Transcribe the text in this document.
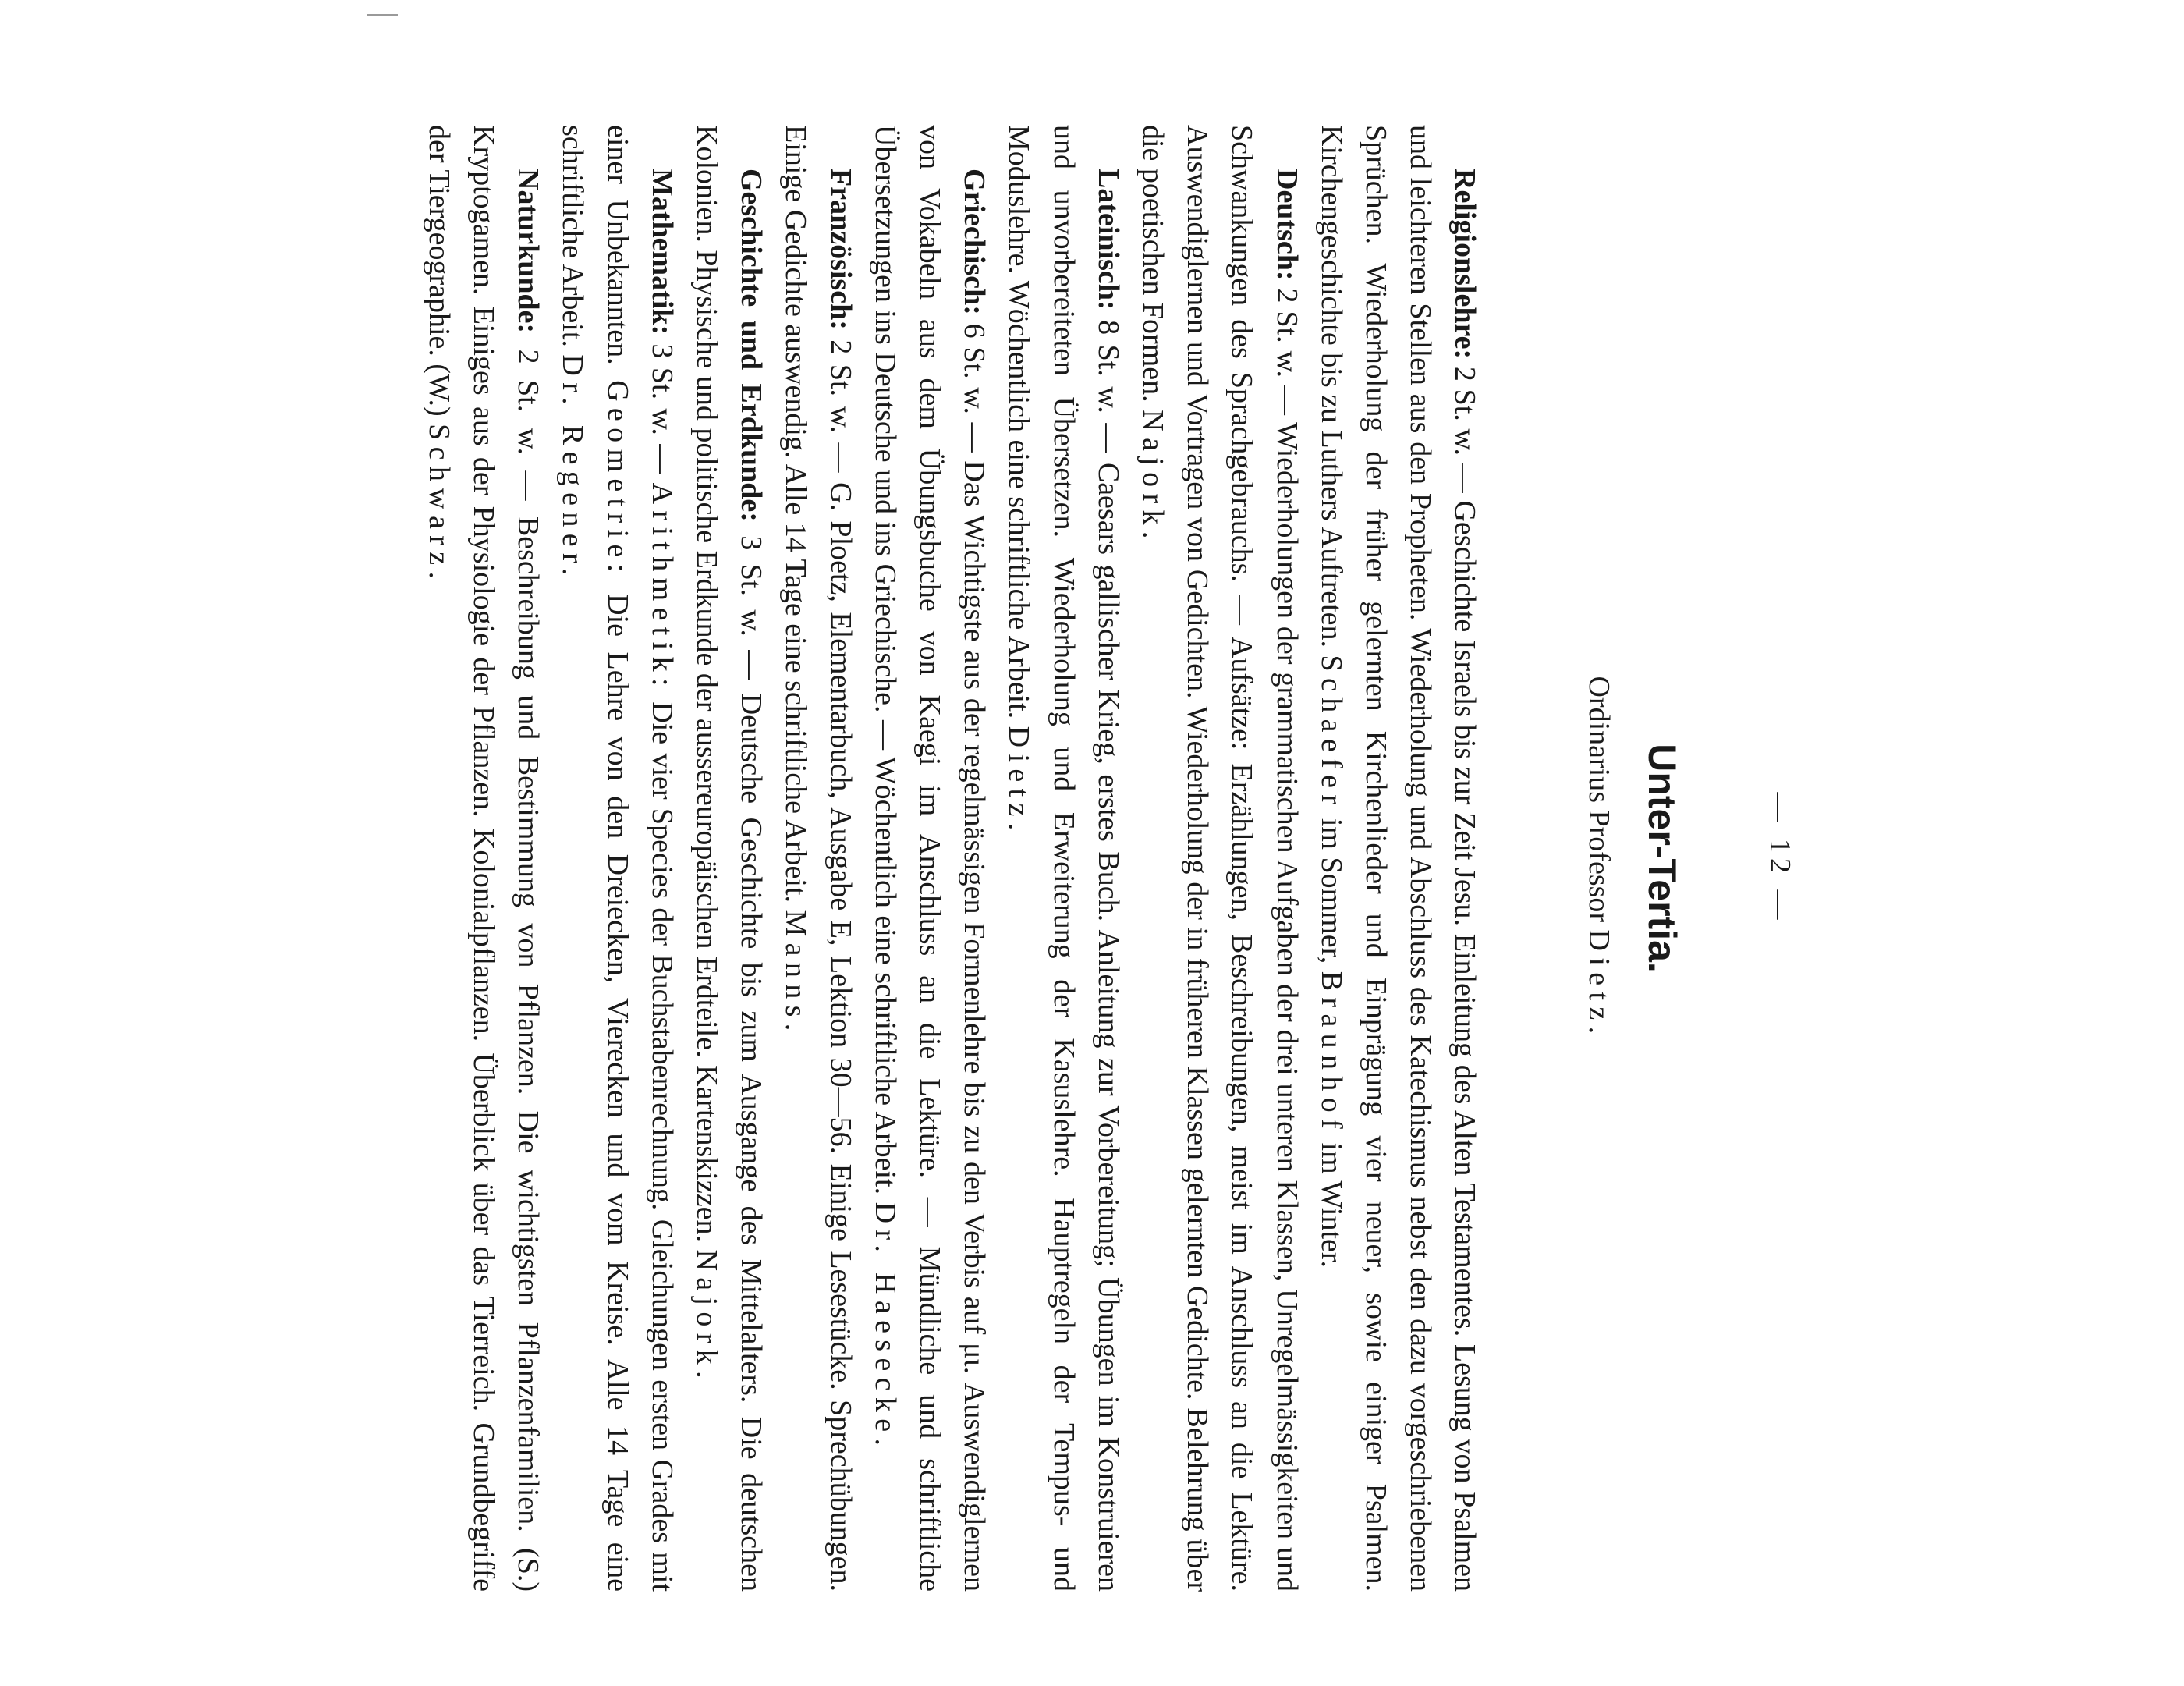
— 12 —
Unter-Tertia.
Ordinarius Professor Dietz.

Religionslehre: 2 St. w. — Geschichte Israels bis zur Zeit Jesu. Einleitung des Alten Testamentes. Lesung von Psalmen und leichteren Stellen aus den Propheten. Wiederholung und Abschluss des Katechismus nebst den dazu vorgeschriebenen Sprüchen. Wiederholung der früher gelernten Kirchenlieder und Einprägung vier neuer, sowie einiger Psalmen. Kirchengeschichte bis zu Luthers Auftreten. Schaefer im Sommer, Braunhof im Winter.

Deutsch: 2 St. w. — Wiederholungen der grammatischen Aufgaben der drei unteren Klassen, Unregelmässigkeiten und Schwankungen des Sprachgebrauchs. — Aufsätze: Erzählungen, Beschreibungen, meist im Anschluss an die Lektüre. Auswendiglernen und Vortragen von Gedichten. Wiederholung der in früheren Klassen gelernten Gedichte. Belehrung über die poetischen Formen. Najork.

Lateinisch: 8 St. w. — Caesars gallischer Krieg, erstes Buch. Anleitung zur Vorbereitung; Übungen im Konstruieren und unvorbereiteten Übersetzen. Wiederholung und Erweiterung der Kasuslehre. Hauptregeln der Tempus- und Moduslehre. Wöchentlich eine schriftliche Arbeit. Dietz.

Griechisch: 6 St. w. — Das Wichtigste aus der regelmässigen Formenlehre bis zu den Verbis auf μι. Auswendiglernen von Vokabeln aus dem Übungsbuche von Kaegi im Anschluss an die Lektüre. — Mündliche und schriftliche Übersetzungen ins Deutsche und ins Griechische. — Wöchentlich eine schriftliche Arbeit. Dr. Haesecke.

Französisch: 2 St. w. — G. Ploetz, Elementarbuch, Ausgabe E, Lektion 30—56. Einige Lesestücke. Sprechübungen. Einige Gedichte auswendig. Alle 14 Tage eine schriftliche Arbeit. Manns.

Geschichte und Erdkunde: 3 St. w. — Deutsche Geschichte bis zum Ausgange des Mittelalters. Die deutschen Kolonien. Physische und politische Erdkunde der aussereuropäischen Erdteile. Kartenskizzen. Najork.

Mathematik: 3 St. w. — Arithmetik: Die vier Species der Buchstabenrechnung. Gleichungen ersten Grades mit einer Unbekannten. Geometrie: Die Lehre von den Dreiecken, Vierecken und vom Kreise. Alle 14 Tage eine schriftliche Arbeit. Dr. Regener.

Naturkunde: 2 St. w. — Beschreibung und Bestimmung von Pflanzen. Die wichtigsten Pflanzenfamilien. (S.) Kryptogamen. Einiges aus der Physiologie der Pflanzen. Kolonialpflanzen. Überblick über das Tierreich. Grundbegriffe der Tiergeographie. (W.) Schwarz.
